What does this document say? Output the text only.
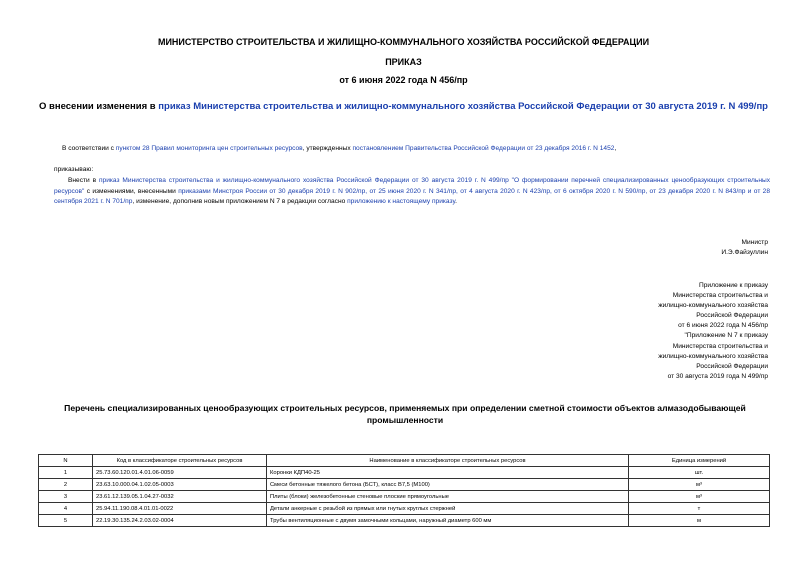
МИНИСТЕРСТВО СТРОИТЕЛЬСТВА И ЖИЛИЩНО-КОММУНАЛЬНОГО ХОЗЯЙСТВА РОССИЙСКОЙ ФЕДЕРАЦИИ
ПРИКАЗ
от 6 июня 2022 года N 456/пр
О внесении изменения в приказ Министерства строительства и жилищно-коммунального хозяйства Российской Федерации от 30 августа 2019 г. N 499/пр
В соответствии с пунктом 28 Правил мониторинга цен строительных ресурсов, утвержденных постановлением Правительства Российской Федерации от 23 декабря 2016 г. N 1452,
приказываю:
Внести в приказ Министерства строительства и жилищно-коммунального хозяйства Российской Федерации от 30 августа 2019 г. N 499/пр "О формировании перечней специализированных ценообразующих строительных ресурсов" с изменениями, внесенными приказами Минстроя России от 30 декабря 2019 г. N 902/пр, от 25 июня 2020 г. N 341/пр, от 4 августа 2020 г. N 423/пр, от 6 октября 2020 г. N 590/пр, от 23 декабря 2020 г. N 843/пр и от 28 сентября 2021 г. N 701/пр, изменение, дополнив новым приложением N 7 в редакции согласно приложению к настоящему приказу.
Министр
И.Э.Файзуллин
Приложение к приказу
Министерства строительства и
жилищно-коммунального хозяйства
Российской Федерации
от 6 июня 2022 года N 456/пр
"Приложение N 7 к приказу
Министерства строительства и
жилищно-коммунального хозяйства
Российской Федерации
от 30 августа 2019 года N 499/пр
Перечень специализированных ценообразующих строительных ресурсов, применяемых при определении сметной стоимости объектов алмазодобывающей промышленности
N	Код в классификаторе строительных ресурсов	Наименование в классификаторе строительных ресурсов	Единица измерений
1	25.73.60.120.01.4.01.06-0059	Коронки КДП40-25	шт.
2	23.63.10.000.04.1.02.05-0003	Смеси бетонные тяжелого бетона (БСТ), класс В7,5 (М100)	м³
3	23.61.12.139.05.1.04.27-0032	Плиты (блоки) железобетонные стеновые плоские прямоугольные	м³
4	25.94.11.190.08.4.01.01-0022	Детали анкерные с резьбой из прямых или гнутых круглых стержней	т
5	22.19.30.135.24.2.03.02-0004	Трубы вентиляционные с двумя замочными кольцами, наружный диаметр 600 мм	м
